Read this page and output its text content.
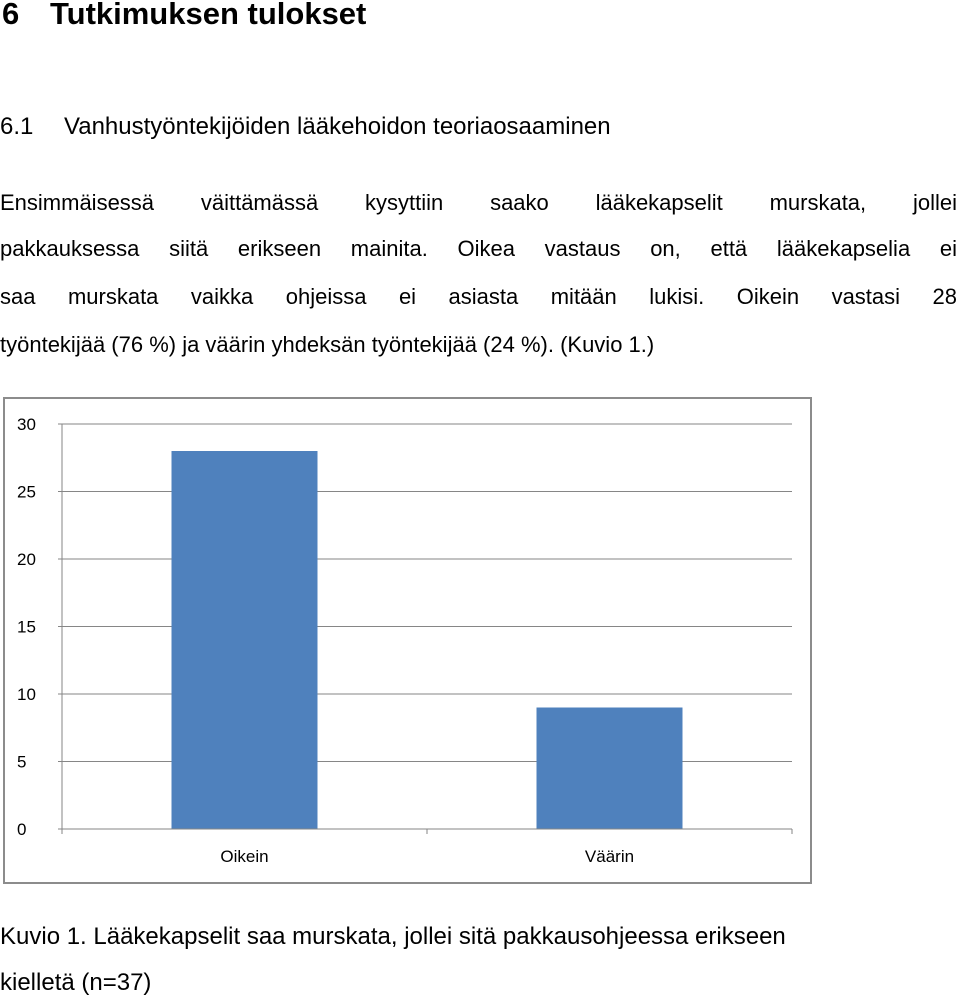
6 Tutkimuksen tulokset
6.1 Vanhustyöntekijöiden lääkehoidon teoriaosaaminen
Ensimmäisessä väittämässä kysyttiin saako lääkekapselit murskata, jollei
pakkauksessa siitä erikseen mainita. Oikea vastaus on, että lääkekapselia ei
saa murskata vaikka ohjeissa ei asiasta mitään lukisi. Oikein vastasi 28
työntekijää (76 %) ja väärin yhdeksän työntekijää (24 %). (Kuvio 1.)
0
5
10
15
20
25
30
Oikein	Väärin
Kuvio 1. Lääkekapselit saa murskata, jollei sitä pakkausohjeessa erikseen
kielletä (n=37)
